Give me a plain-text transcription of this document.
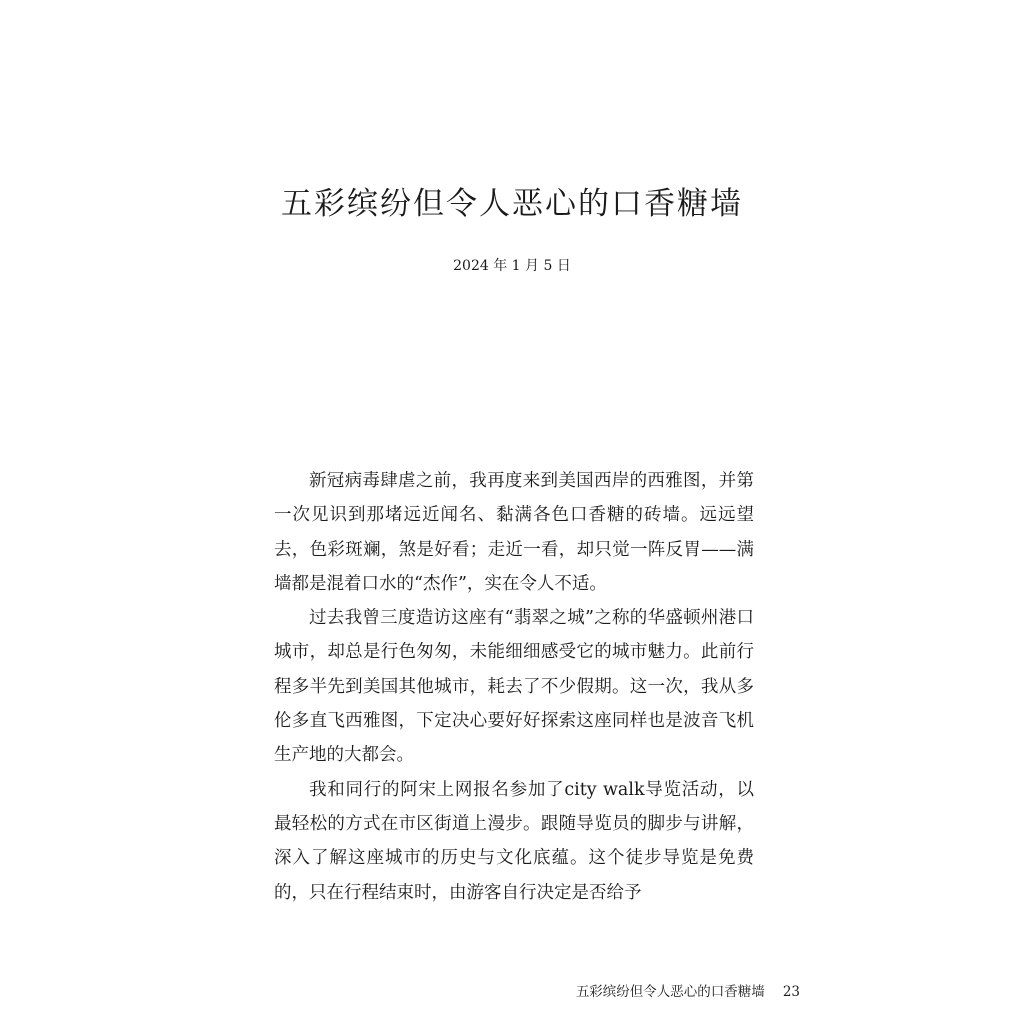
五彩缤纷但令人恶心的口香糖墙
2024 年 1 月 5 日

新冠病毒肆虐之前，我再度来到美国西岸的西雅图，并第一次见识到那堵远近闻名、黏满各色口香糖的砖墙。远远望去，色彩斑斓，煞是好看；走近一看，却只觉一阵反胃——满墙都是混着口水的“杰作”，实在令人不适。

过去我曾三度造访这座有“翡翠之城”之称的华盛顿州港口城市，却总是行色匆匆，未能细细感受它的城市魅力。此前行程多半先到美国其他城市，耗去了不少假期。这一次，我从多伦多直飞西雅图，下定决心要好好探索这座同样也是波音飞机生产地的大都会。

我和同行的阿宋上网报名参加了city walk导览活动，以最轻松的方式在市区街道上漫步。跟随导览员的脚步与讲解，深入了解这座城市的历史与文化底蕴。这个徒步导览是免费的，只在行程结束时，由游客自行决定是否给予

五彩缤纷但令人恶心的口香糖墙 23
